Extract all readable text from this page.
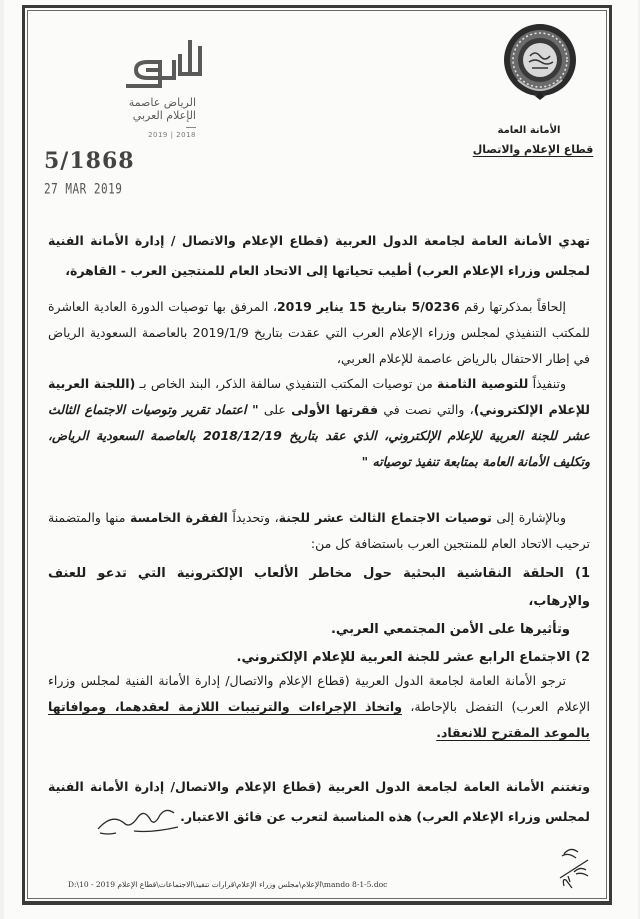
الرياض عاصمة
الإعلام العربي
2019 | 2018
5/1868
27 MAR 2019
الأمانة العامة
قطاع الإعلام والاتصال
تهدي الأمانة العامة لجامعة الدول العربية (قطاع الإعلام والاتصال / إدارة الأمانة الفنية لمجلس وزراء الإعلام العرب) أطيب تحياتها إلى الاتحاد العام للمنتجين العرب - القاهرة،
إلحاقاً بمذكرتها رقم 5/0236 بتاريخ 15 يناير 2019، المرفق بها توصيات الدورة العادية العاشرة للمكتب التنفيذي لمجلس وزراء الإعلام العرب التي عقدت بتاريخ 2019/1/9 بالعاصمة السعودية الرياض في إطار الاحتفال بالرياض عاصمة للإعلام العربي،
وتنفيذاً للتوصية الثامنة من توصيات المكتب التنفيذي سالفة الذكر، البند الخاص بـ (اللجنة العربية للإعلام الإلكتروني)، والتي نصت في فقرتها الأولى على " اعتماد تقرير وتوصيات الاجتماع الثالث عشر للجنة العربية للإعلام الإلكتروني، الذي عقد بتاريخ 2018/12/19 بالعاصمة السعودية الرياض، وتكليف الأمانة العامة بمتابعة تنفيذ توصياته "
وبالإشارة إلى توصيات الاجتماع الثالث عشر للجنة، وتحديداً الفقرة الخامسة منها والمتضمنة ترحيب الاتحاد العام للمنتجين العرب باستضافة كل من:
1) الحلقة النقاشية البحثية حول مخاطر الألعاب الإلكترونية التي تدعو للعنف والإرهاب،
وتأثيرها على الأمن المجتمعي العربي.
2) الاجتماع الرابع عشر للجنة العربية للإعلام الإلكتروني.
ترجو الأمانة العامة لجامعة الدول العربية (قطاع الإعلام والاتصال/ إدارة الأمانة الفنية لمجلس وزراء الإعلام العرب) التفضل بالإحاطة، واتخاذ الإجراءات والترتيبات اللازمة لعقدهما، وموافاتها بالموعد المقترح للانعقاد.
وتغتنم الأمانة العامة لجامعة الدول العربية (قطاع الإعلام والاتصال/ إدارة الأمانة الفنية لمجلس وزراء الإعلام العرب) هذه المناسبة لتعرب عن فائق الاعتبار.
D:\10 - 2019 الإعلام\مجلس وزراء الإعلام\قرارات تنفيذ\الاجتماعات\قطاع الإعلام\mando 8-1-5.doc
